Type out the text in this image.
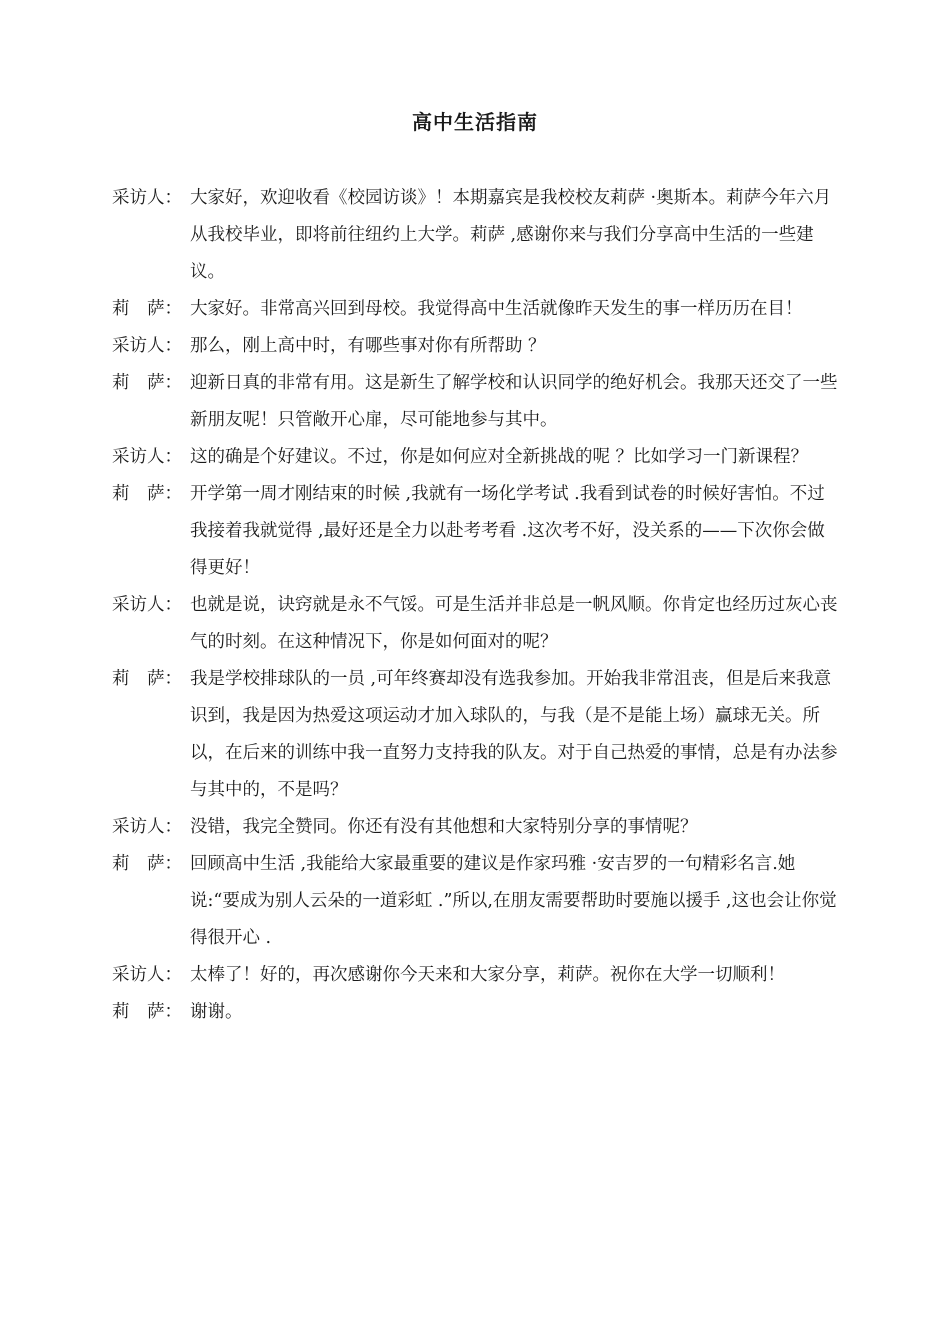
高中生活指南
采访人： 大家好，欢迎收看《校园访谈》！本期嘉宾是我校校友莉萨 ·奥斯本。莉萨今年六月从我校毕业，即将前往纽约上大学。莉萨 ,感谢你来与我们分享高中生活的一些建议。
莉　萨： 大家好。非常高兴回到母校。我觉得高中生活就像昨天发生的事一样历历在目！
采访人： 那么，刚上高中时，有哪些事对你有所帮助 ？
莉　萨： 迎新日真的非常有用。这是新生了解学校和认识同学的绝好机会。我那天还交了一些新朋友呢！只管敞开心扉，尽可能地参与其中。
采访人： 这的确是个好建议。不过，你是如何应对全新挑战的呢 ？比如学习一门新课程？
莉　萨： 开学第一周才刚结束的时候 ,我就有一场化学考试 .我看到试卷的时候好害怕。不过我接着我就觉得 ,最好还是全力以赴考考看 .这次考不好，没关系的——下次你会做得更好！
采访人： 也就是说，诀窍就是永不气馁。可是生活并非总是一帆风顺。你肯定也经历过灰心丧气的时刻。在这种情况下，你是如何面对的呢？
莉　萨： 我是学校排球队的一员 ,可年终赛却没有选我参加。开始我非常沮丧，但是后来我意识到，我是因为热爱这项运动才加入球队的，与我（是不是能上场）赢球无关。所以，在后来的训练中我一直努力支持我的队友。对于自己热爱的事情，总是有办法参与其中的，不是吗？
采访人： 没错，我完全赞同。你还有没有其他想和大家特别分享的事情呢？
莉　萨： 回顾高中生活 ,我能给大家最重要的建议是作家玛雅 ·安吉罗的一句精彩名言.她说:“要成为别人云朵的一道彩虹 .”所以,在朋友需要帮助时要施以援手 ,这也会让你觉得很开心 .
采访人： 太棒了！好的，再次感谢你今天来和大家分享，莉萨。祝你在大学一切顺利！
莉　萨： 谢谢。
